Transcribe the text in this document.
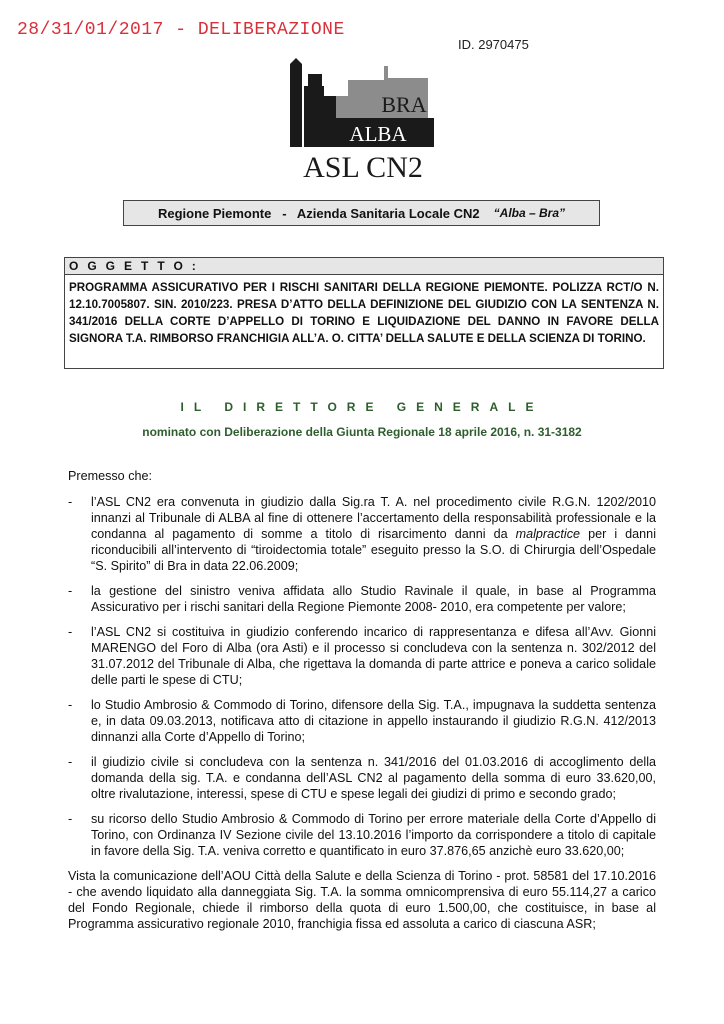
28/31/01/2017 - DELIBERAZIONE
ID. 2970475
BRA
ALBA
ASL CN2
Regione Piemonte   -   Azienda Sanitaria Locale CN2 “Alba – Bra”
OGGETTO:
PROGRAMMA ASSICURATIVO PER I RISCHI SANITARI DELLA REGIONE PIEMONTE. POLIZZA RCT/O N. 12.10.7005807. SIN. 2010/223. PRESA D’ATTO DELLA DEFINIZIONE DEL GIUDIZIO CON LA SENTENZA N. 341/2016 DELLA CORTE D’APPELLO DI TORINO E LIQUIDAZIONE DEL DANNO IN FAVORE DELLA SIGNORA T.A. RIMBORSO FRANCHIGIA ALL’A. O. CITTA’ DELLA SALUTE E DELLA SCIENZA DI TORINO.
IL DIRETTORE GENERALE
nominato con Deliberazione della Giunta Regionale 18 aprile 2016, n. 31-3182
Premesso che:
-	l’ASL CN2 era convenuta in giudizio dalla Sig.ra T. A. nel procedimento civile R.G.N. 1202/2010 innanzi al Tribunale di ALBA al fine di ottenere l’accertamento della responsabilità professionale e la condanna al pagamento di somme a titolo di risarcimento danni da malpractice per i danni riconducibili all’intervento di “tiroidectomia totale” eseguito presso la S.O. di Chirurgia dell’Ospedale “S. Spirito” di Bra in data 22.06.2009;
-	la gestione del sinistro veniva affidata allo Studio Ravinale il quale, in base al Programma Assicurativo per i rischi sanitari della Regione Piemonte 2008- 2010, era competente per valore;
-	l’ASL CN2 si costituiva in giudizio conferendo incarico di rappresentanza e difesa all’Avv. Gionni MARENGO del Foro di Alba (ora Asti) e il processo si concludeva con la sentenza n. 302/2012 del 31.07.2012 del Tribunale di Alba, che rigettava la domanda di parte attrice e poneva a carico solidale delle parti le spese di CTU;
-	lo Studio Ambrosio & Commodo di Torino, difensore della Sig. T.A., impugnava la suddetta sentenza e, in data 09.03.2013, notificava atto di citazione in appello instaurando il giudizio R.G.N. 412/2013 dinnanzi alla Corte d’Appello di Torino;
-	il giudizio civile si concludeva con la sentenza n. 341/2016 del 01.03.2016 di accoglimento della domanda della sig. T.A. e condanna dell’ASL CN2 al pagamento della somma di euro 33.620,00, oltre rivalutazione, interessi, spese di CTU e spese legali dei giudizi di primo e secondo grado;
-	su ricorso dello Studio Ambrosio & Commodo di Torino per errore materiale della Corte d’Appello di Torino, con Ordinanza IV Sezione civile del 13.10.2016 l’importo da corrispondere a titolo di capitale in favore della Sig. T.A. veniva corretto e quantificato in euro 37.876,65 anzichè euro 33.620,00;
Vista la comunicazione dell’AOU Città della Salute e della Scienza di Torino - prot. 58581 del 17.10.2016 - che avendo liquidato alla danneggiata Sig. T.A. la somma omnicomprensiva di euro 55.114,27 a carico del Fondo Regionale, chiede il rimborso della quota di euro 1.500,00, che costituisce, in base al Programma assicurativo regionale 2010, franchigia fissa ed assoluta a carico di ciascuna ASR;
